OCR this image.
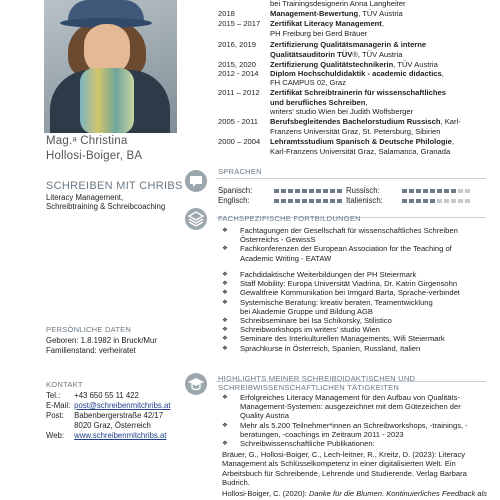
Mag.ᵃ Christina
Hollosi-Boiger, BA
SCHREIBEN MIT CHRIBS
Literacy Management,
Schreibtraining & Schreibcoaching
PERSÖNLICHE DATEN
Geboren: 1.8.1982 in Bruck/Mur
Familienstand: verheiratet
KONTAKT
Tel.: +43 650 55 11 422
E-Mail: post@schreibenmitchribs.at
Post: Babenbergerstraße 42/17
8020 Graz, Österreich
Web: www.schreibenmitchribs.at
bei Trainingsdesignerin Anna Langheiter
2018	Management-Bewertung, TÜV Austria
2015 – 2017	Zertifikat Literacy Management,
PH Freiburg bei Gerd Bräuer
2016, 2019	Zertifizierung Qualitätsmanagerin & interne
Qualitätsauditorin TÜV®, TÜV Austria
2015, 2020	Zertifizierung Qualitätstechnikerin, TÜV Austria
2012 - 2014	Diplom Hochschuldidaktik - academic didactics,
FH CAMPUS 02, Graz
2011 – 2012	Zertifikat Schreibtrainerin für wissenschaftliches
und berufliches Schreiben,
writers' studio Wien bei Judith Wolfsberger
2005 - 2011	Berufsbegleitendes Bachelorstudium Russisch, Karl-
Franzens Universität Graz, St. Petersburg, Sibirien
2000 – 2004	Lehramtsstudium Spanisch & Deutsche Philologie,
Karl-Franzens Universität Graz, Salamanca, Granada
SPRACHEN
Spanisch:	Russisch:
Englisch:	Italienisch:
FACHSPEZIFISCHE FORTBILDUNGEN
❖ Fachtagungen der Gesellschaft für wissenschaftliches Schreiben
Österreichs - GewissS
❖ Fachkonferenzen der European Association for the Teaching of
Academic Writing - EATAW
❖ Fachdidaktische Weiterbildungen der PH Steiermark
❖ Staff Mobility: Europa Universität Viadrina, Dr. Katrin Girgensohn
❖ Gewaltfreie Kommunikation bei Irmgard Barta, Sprache-verbindet
❖ Systemische Beratung: kreativ beraten, Teamentwicklung
bei Akademie Gruppe und Bildung AGB
❖ Schreibseminare bei Isa Schikorsky, Stilistico
❖ Schreibworkshops im writers' studio Wien
❖ Seminare des Interkulturellen Managements, Wifi Steiermark
❖ Sprachkurse in Österreich, Spanien, Russland, Italien
HIGHLIGHTS MEINER SCHREIBDIDAKTISCHEN UND
SCHREIBWISSENSCHAFTLICHEN TÄTIGKEITEN
❖ Erfolgreiches Literacy Management für den Aufbau von Qualitäts-
Management-Systemen: ausgezeichnet mit dem Gütezeichen der
Quality Austria
❖ Mehr als 5.200 Teilnehmer*innen an Schreibworkshops, -trainings, -
beratungen, -coachings im Zeitraum 2011 - 2023
❖ Schreibwissenschaftliche Publikationen:
Bräuer, G., Hollosi-Boiger, C., Lech-leitner, R., Kreitz, D. (2023): Literacy
Management als Schlüsselkompetenz in einer digitalisierten Welt. Ein
Arbeitsbuch für Schreibende, Lehrende und Studierende. Verlag Barbara
Budrich.
Hollosi-Boiger, C. (2020): Danke für die Blumen. Kontinuierliches Feedback als
